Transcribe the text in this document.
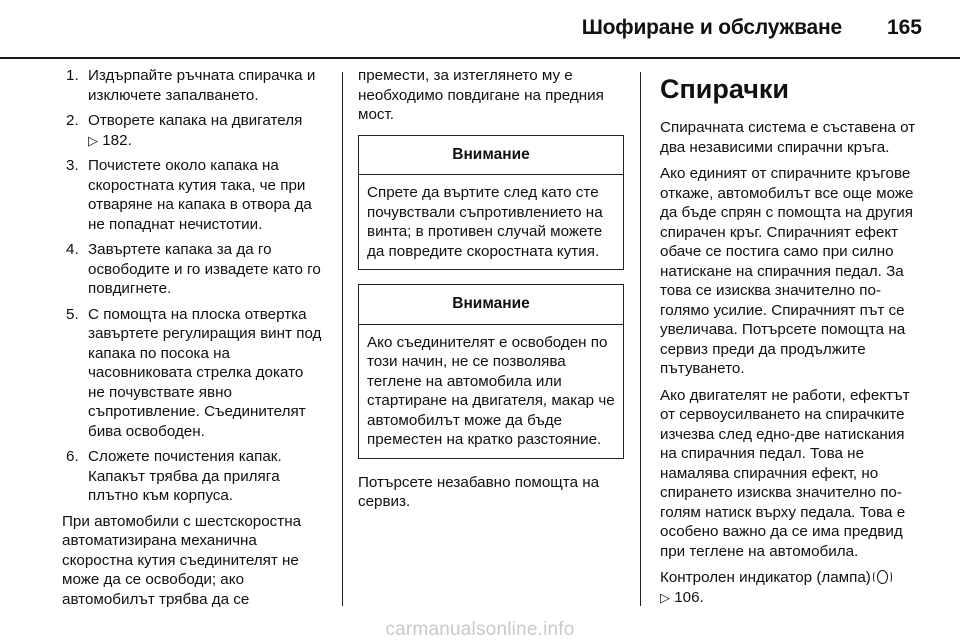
Шофиране и обслужване 165
1. Издърпайте ръчната спирачка и изключете запалването.
2. Отворете капака на двигателя
▷ 182.
3. Почистете около капака на скоростната кутия така, че при отваряне на капака в отвора да не попаднат нечистотии.
4. Завъртете капака за да го освободите и го извадете като го повдигнете.
5. С помощта на плоска отвертка завъртете регулиращия винт под капака по посока на часовниковата стрелка докато не почувствате явно съпротивление. Съединителят бива освободен.
6. Сложете почистения капак. Капакът трябва да прилягa плътно към корпуса.

При автомобили с шестскоростна автоматизирана механична скоростна кутия съединителят не може да се освободи; ако автомобилът трябва да се

премести, за изтеглянето му е необходимо повдигане на предния мост.

Внимание
Спрете да въртите след като сте почувствали съпротивлението на винта; в противен случай можете да повредите скоростната кутия.
Внимание
Ако съединителят е освободен по този начин, не се позволява теглене на автомобила или стартиране на двигателя, макар че автомобилът може да бъде преместен на кратко разстояние.

Потърсете незабавно помощта на сервиз.

Спирачки

Спирачната система е съставена от два независими спирачни кръга.

Ако единият от спирачните кръгове откаже, автомобилът все още може да бъде спрян с помощта на другия спирачен кръг. Спирачният ефект обаче се постига само при силно натискане на спирачния педал. За това се изисква значително по-голямо усилие. Спирачният път се увеличава. Потърсете помощта на сервиз преди да продължите пътуването.

Ако двигателят не работи, ефектът от сервоусилването на спирачките изчезва след едно-две натискания на спирачния педал. Това не намалява спирачния ефект, но спирането изисква значително по-голям натиск върху педала. Това е особено важно да се има предвид при теглене на автомобила.

Контролен индикатор (лампа)

▷ 106.

carmanualsonline.info
